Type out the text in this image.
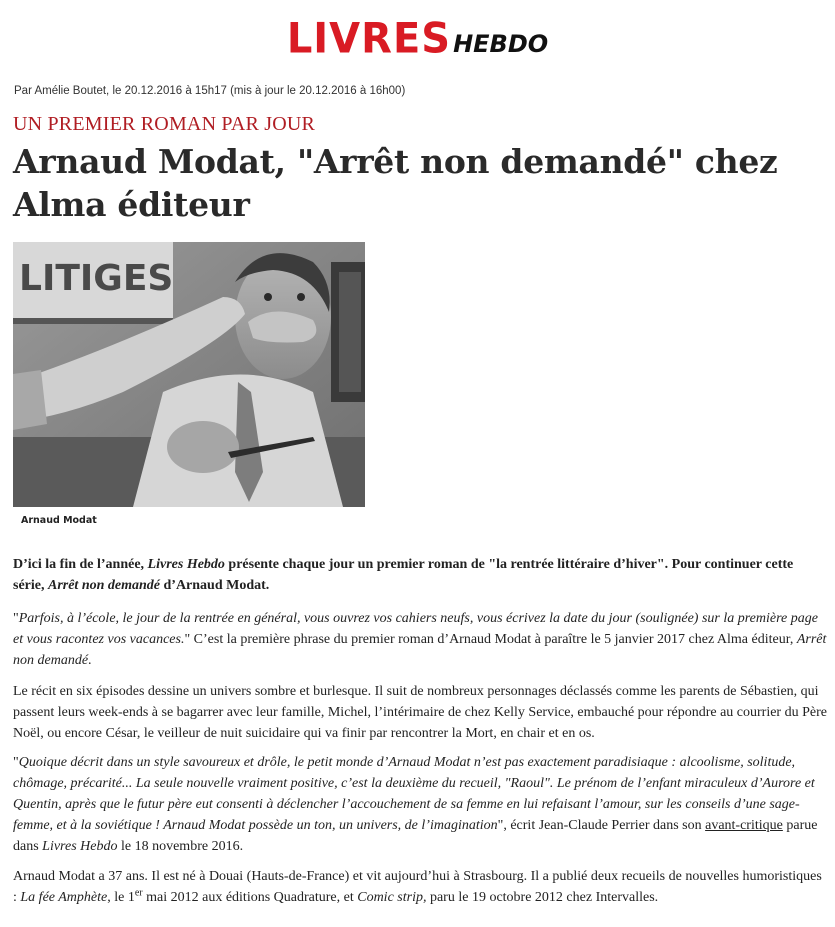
LIVRESHEBDO
Par Amélie Boutet, le 20.12.2016 à 15h17 (mis à jour le 20.12.2016 à 16h00)
UN PREMIER ROMAN PAR JOUR
Arnaud Modat, "Arrêt non demandé" chez Alma éditeur
LITIGES
Arnaud Modat

D’ici la fin de l’année, Livres Hebdo présente chaque jour un premier roman de "la rentrée littéraire d’hiver". Pour continuer cette série, Arrêt non demandé d’Arnaud Modat.

"Parfois, à l’école, le jour de la rentrée en général, vous ouvrez vos cahiers neufs, vous écrivez la date du jour (soulignée) sur la première page et vous racontez vos vacances." C’est la première phrase du premier roman d’Arnaud Modat à paraître le 5 janvier 2017 chez Alma éditeur, Arrêt non demandé.

Le récit en six épisodes dessine un univers sombre et burlesque. Il suit de nombreux personnages déclassés comme les parents de Sébastien, qui passent leurs week-ends à se bagarrer avec leur famille, Michel, l’intérimaire de chez Kelly Service, embauché pour répondre au courrier du Père Noël, ou encore César, le veilleur de nuit suicidaire qui va finir par rencontrer la Mort, en chair et en os.

"Quoique décrit dans un style savoureux et drôle, le petit monde d’Arnaud Modat n’est pas exactement paradisiaque : alcoolisme, solitude, chômage, précarité... La seule nouvelle vraiment positive, c’est la deuxième du recueil, "Raoul". Le prénom de l’enfant miraculeux d’Aurore et Quentin, après que le futur père eut consenti à déclencher l’accouchement de sa femme en lui refaisant l’amour, sur les conseils d’une sage-femme, et à la soviétique ! Arnaud Modat possède un ton, un univers, de l’imagination", écrit Jean-Claude Perrier dans son avant-critique parue dans Livres Hebdo le 18 novembre 2016.

Arnaud Modat a 37 ans. Il est né à Douai (Hauts-de-France) et vit aujourd’hui à Strasbourg. Il a publié deux recueils de nouvelles humoristiques : La fée Amphète, le 1er mai 2012 aux éditions Quadrature, et Comic strip, paru le 19 octobre 2012 chez Intervalles.
